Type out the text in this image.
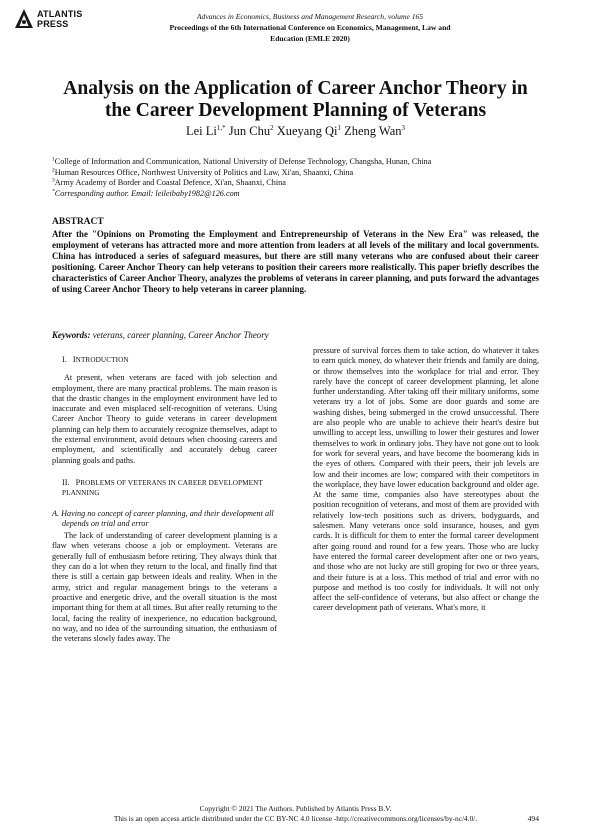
ATLANTIS
PRESS
Advances in Economics, Business and Management Research, volume 165
Proceedings of the 6th International Conference on Economics, Management, Law and
Education (EMLE 2020)
Analysis on the Application of Career Anchor Theory in
the Career Development Planning of Veterans
Lei $Li^{1,*}$ Jun Chu$^2$ Xueyang Qi$^1$ Zheng Wan$^3$
$^1$College of Information and Communication, National University of Defense Technology, Changsha, Hunan, China
$^2$Human Resources Office, Northwest University of Politics and Law, Xi'an, Shaanxi, China
$^3$Army Academy of Border and Coastal Defence, Xi'an, Shaanxi, China
*Corresponding author. Email: leileibaby1982@126.com
ABSTRACT
After the "Opinions on Promoting the Employment and Entrepreneurship of Veterans in the New Era" was released, the employment of veterans has attracted more and more attention from leaders at all levels of the military and local governments. China has introduced a series of safeguard measures, but there are still many veterans who are confused about their career positioning. Career Anchor Theory can help veterans to position their careers more realistically. This paper briefly describes the characteristics of Career Anchor Theory, analyzes the problems of veterans in career planning, and puts forward the advantages of using Career Anchor Theory to help veterans in career planning.
Keywords: veterans, career planning, Career Anchor Theory

I. INTRODUCTION

At present, when veterans are faced with job selection and employment, there are many practical problems. The main reason is that the drastic changes in the employment environment have led to inaccurate and even misplaced self-recognition of veterans. Using Career Anchor Theory to guide veterans in career development planning can help them to accurately recognize themselves, adapt to the external environment, avoid detours when choosing careers and employment, and scientifically and accurately debug career planning goals and paths.

II. PROBLEMS OF VETERANS IN CAREER DEVELOPMENT PLANNING

A. Having no concept of career planning, and their development all depends on trial and error

The lack of understanding of career development planning is a flaw when veterans choose a job or employment. Veterans are generally full of enthusiasm before retiring. They always think that they can do a lot when they return to the local, and finally find that there is still a certain gap between ideals and reality. When in the army, strict and regular management brings to the veterans a proactive and energetic drive, and the overall situation is the most important thing for them at all times. But after really returning to the local, facing the reality of inexperience, no education background, no way, and no idea of the surrounding situation, the enthusiasm of the veterans slowly fades away. The

pressure of survival forces them to take action, do whatever it takes to earn quick money, do whatever their friends and family are doing, or throw themselves into the workplace for trial and error. They rarely have the concept of career development planning, let alone further understanding. After taking off their military uniforms, some veterans try a lot of jobs. Some are door guards and some are washing dishes, being submerged in the crowd unsuccessful. There are also people who are unable to achieve their heart's desire but unwilling to accept less, unwilling to lower their gestures and lower themselves to work in ordinary jobs. They have not gone out to look for work for several years, and have become the boomerang kids in the eyes of others. Compared with their peers, their job levels are low and their incomes are low; compared with their competitors in the workplace, they have lower education background and older age. At the same time, companies also have stereotypes about the position recognition of veterans, and most of them are provided with relatively low-tech positions such as drivers, bodyguards, and salesmen. Many veterans once sold insurance, houses, and gym cards. It is difficult for them to enter the formal career development after going round and round for a few years. Those who are lucky have entered the formal career development after one or two years, and those who are not lucky are still groping for two or three years, and their future is at a loss. This method of trial and error with no purpose and method is too costly for individuals. It will not only affect the self-confidence of veterans, but also affect or change the career development path of veterans. What's more, it

Copyright © 2021 The Authors. Published by Atlantis Press B.V.
This is an open access article distributed under the CC BY-NC 4.0 license -http://creativecommons.org/licenses/by-nc/4.0/.	494
